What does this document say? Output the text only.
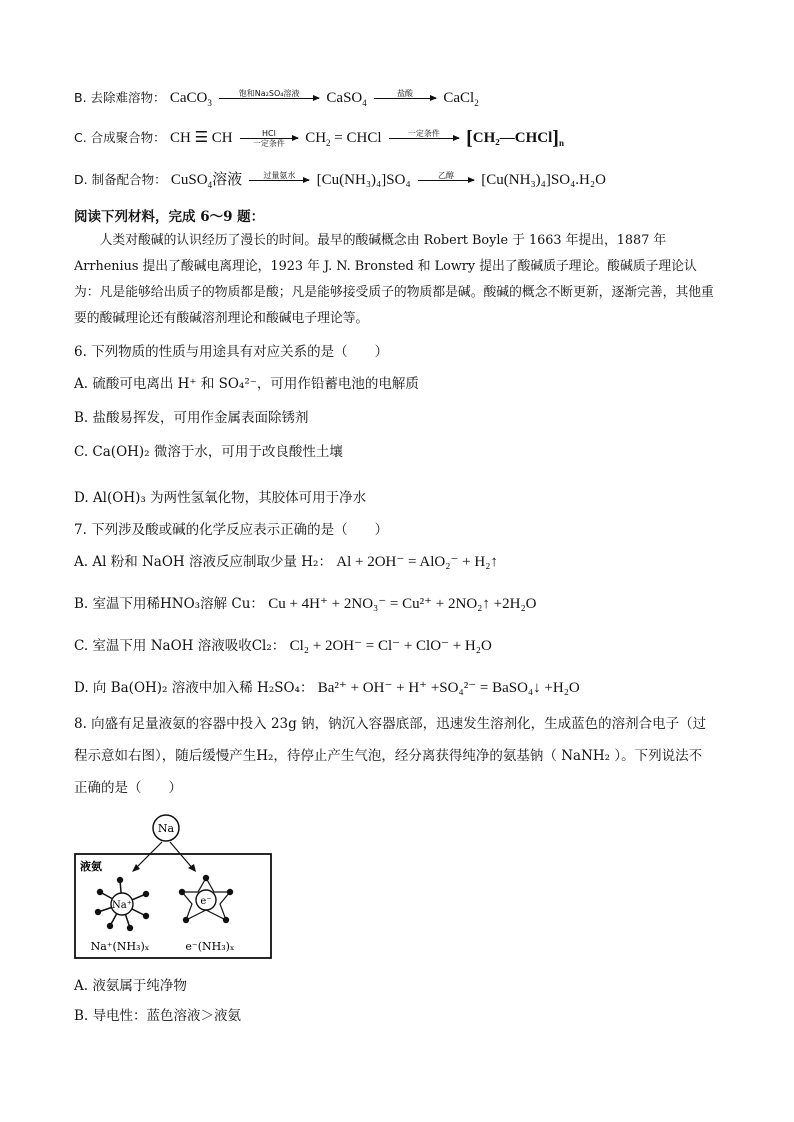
B. 去除难溶物： CaCO$_3$
饱和Na₂SO₄溶液
	CaSO$_4$
盐酸
	CaCl$_2$
C. 合成聚合物： CH ☰ CH	HCl
一定条件	$CH_2$ = CHCl	一定条件
	$[CH_2—CHCl]_n$
D. 制备配合物： CuSO$_4$溶液	过量氨水
	[Cu(NH₃)₄]SO₄	乙醇
	[Cu(NH₃)₄]SO₄.H₂O
阅读下列材料，完成 6～9 题：
人类对酸碱的认识经历了漫长的时间。最早的酸碱概念由 Robert Boyle 于 1663 年提出，1887 年 Arrhenius 提出了酸碱电离理论，1923 年 J. N. Bronsted 和 Lowry 提出了酸碱质子理论。酸碱质子理论认为：凡是能够给出质子的物质都是酸；凡是能够接受质子的物质都是碱。酸碱的概念不断更新，逐渐完善，其他重要的酸碱理论还有酸碱溶剂理论和酸碱电子理论等。
6. 下列物质的性质与用途具有对应关系的是（　　）
A. 硫酸可电离出 H⁺ 和 SO₄²⁻，可用作铅蓄电池的电解质
B. 盐酸易挥发，可用作金属表面除锈剂
C. Ca(OH)₂ 微溶于水，可用于改良酸性土壤
D. Al(OH)₃ 为两性氢氧化物，其胶体可用于净水
7. 下列涉及酸或碱的化学反应表示正确的是（　　）
A. Al 粉和 NaOH 溶液反应制取少量 H₂： Al + 2OH⁻ = AlO₂⁻ + H₂↑
B. 室温下用稀HNO₃溶解 Cu： Cu + 4H⁺ + 2NO₃⁻ = Cu²⁺ + 2NO₂↑ +2H₂O
C. 室温下用 NaOH 溶液吸收Cl₂： Cl₂ + 2OH⁻ = Cl⁻ + ClO⁻ + H₂O
D. 向 Ba(OH)₂ 溶液中加入稀 H₂SO₄： Ba²⁺ + OH⁻ + H⁺ +SO₄²⁻ = BaSO₄↓ +H₂O
8. 向盛有足量液氨的容器中投入 23g 钠，钠沉入容器底部，迅速发生溶剂化，生成蓝色的溶剂合电子（过
程示意如右图），随后缓慢产生H₂，待停止产生气泡，经分离获得纯净的氨基钠（ NaNH₂ ）。下列说法不
正确的是（　　）
Na
液氨
Na⁺	e⁻
Na⁺(NH₃)ₓ	e⁻(NH₃)ₓ
A. 液氨属于纯净物
B. 导电性：蓝色溶液＞液氨
